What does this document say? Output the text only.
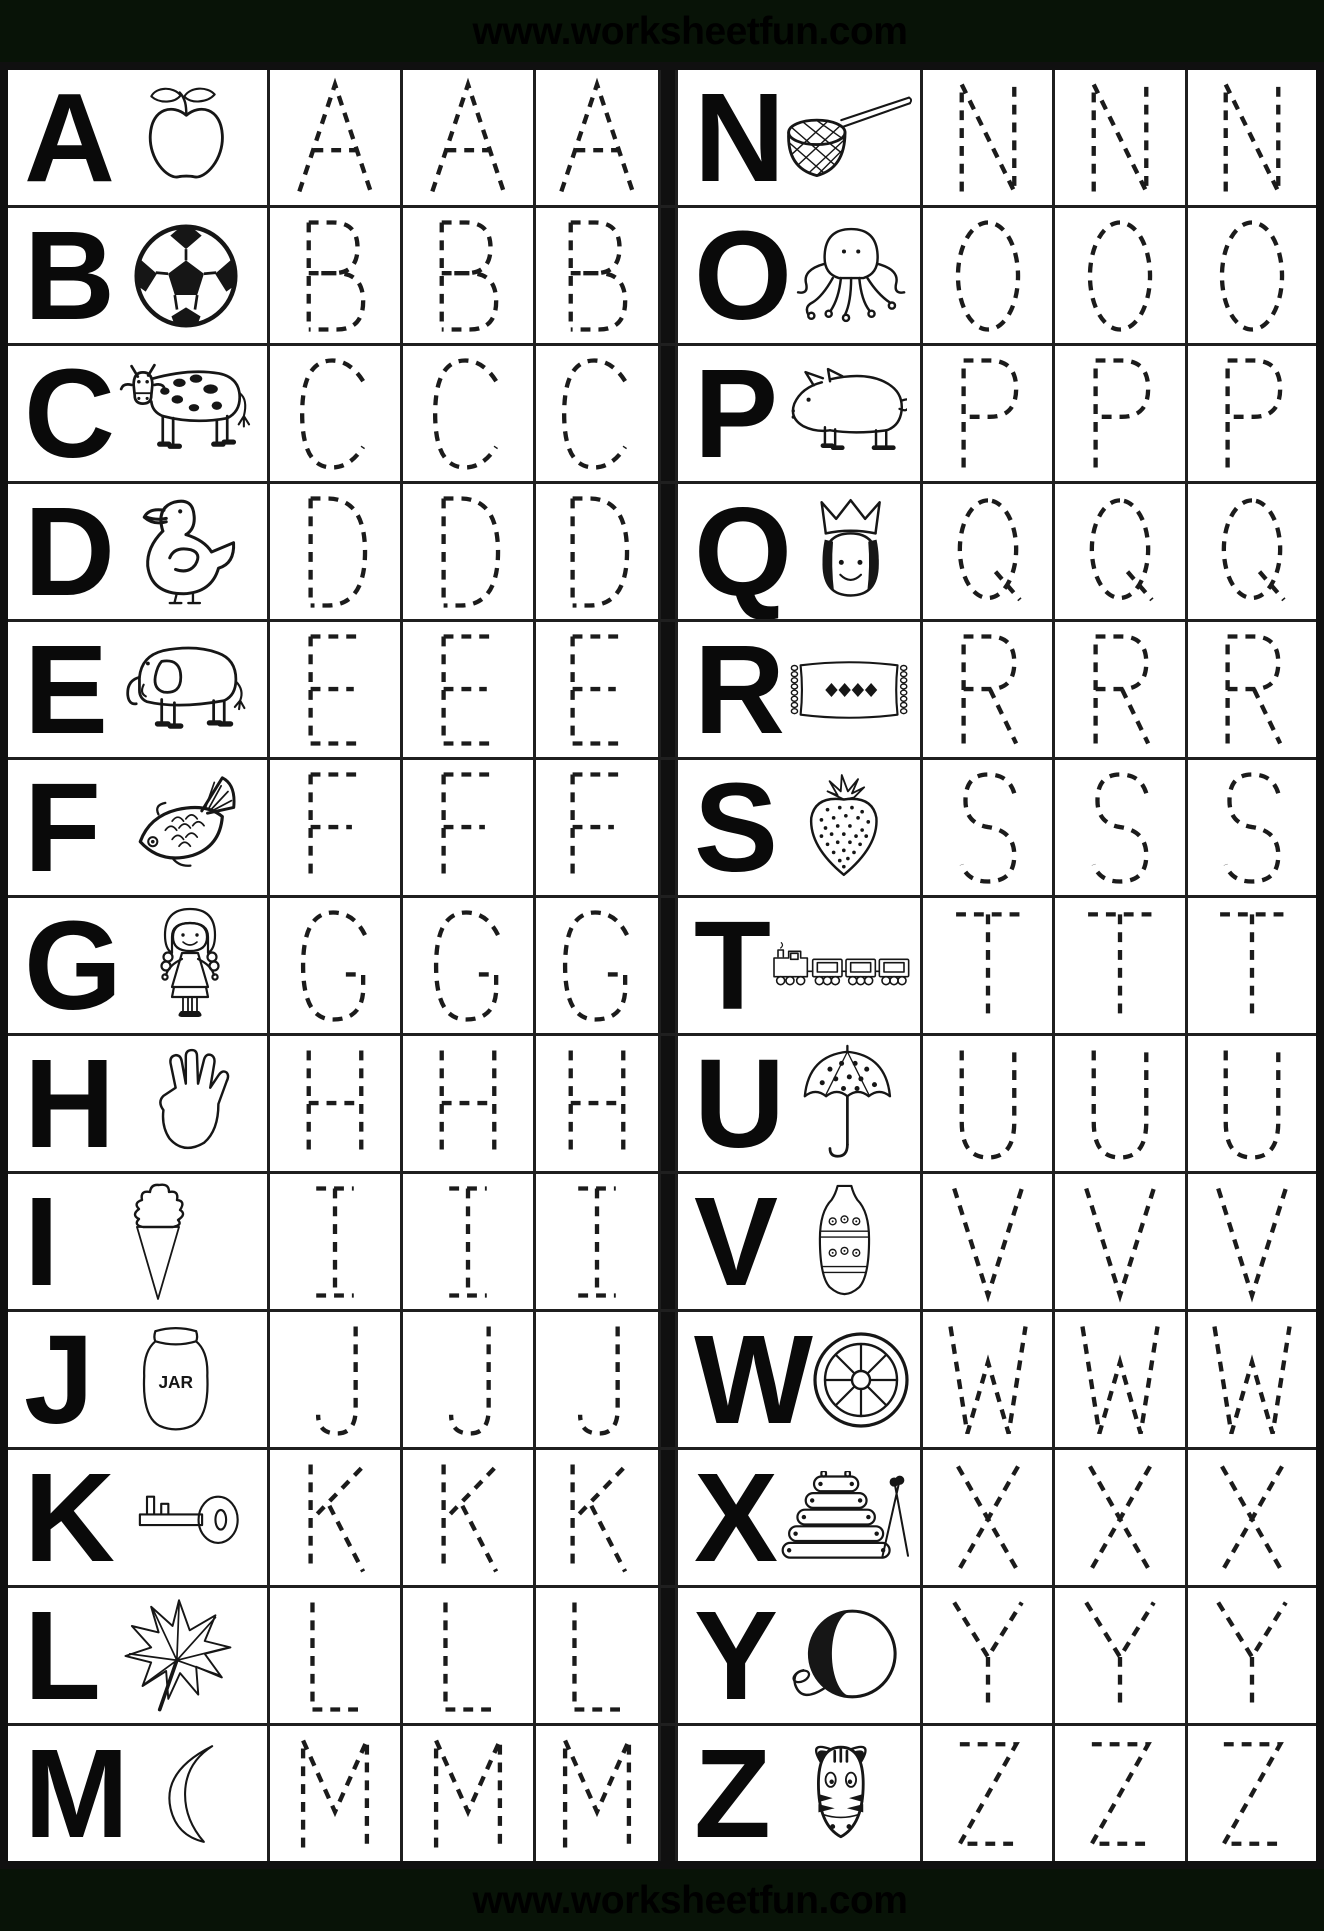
www.worksheetfun.com
A	N
B	O
C	P
D	Q
E	R
F	S
G	T
H	U
I	V
J	JAR	W
K	X
L	Y
M	Z
www.worksheetfun.com
